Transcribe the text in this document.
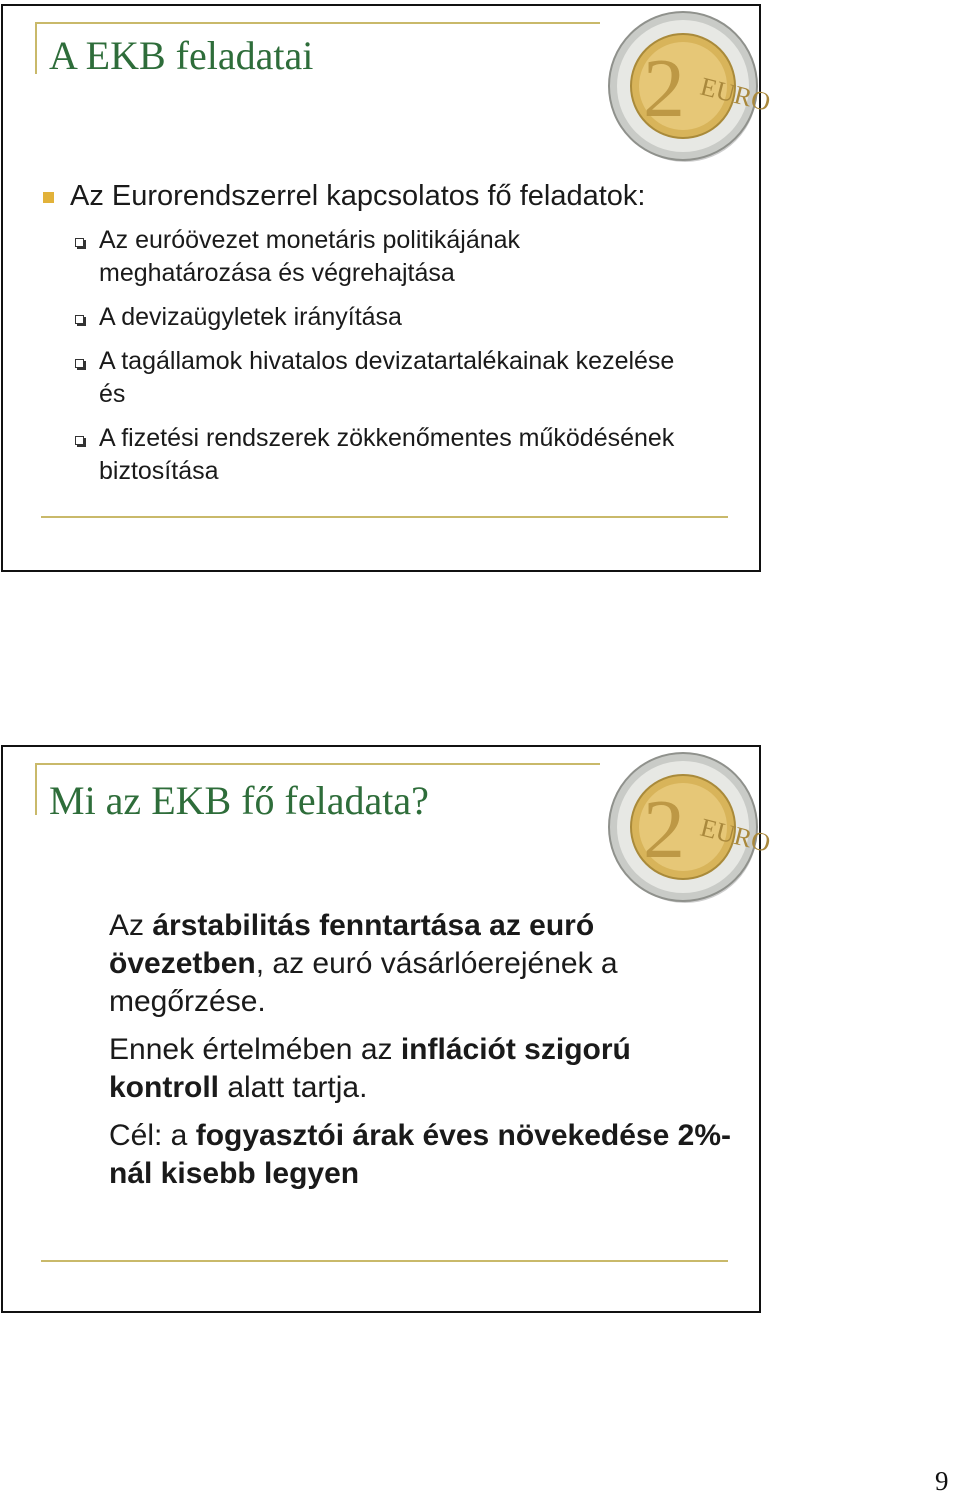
A EKB feladatai	2 EURO
Az Eurorendszerrel kapcsolatos fő feladatok:
Az euróövezet monetáris politikájának meghatározása és végrehajtása
A devizaügyletek irányítása
A tagállamok hivatalos devizatartalékainak kezelése és
A fizetési rendszerek zökkenőmentes működésének biztosítása
Mi az EKB fő feladata?	2 EURO
Az árstabilitás fenntartása az euró övezetben, az euró vásárlóerejének a megőrzése.
Ennek értelmében az inflációt szigorú kontroll alatt tartja.
Cél: a fogyasztói árak éves növekedése 2%-nál kisebb legyen
9
